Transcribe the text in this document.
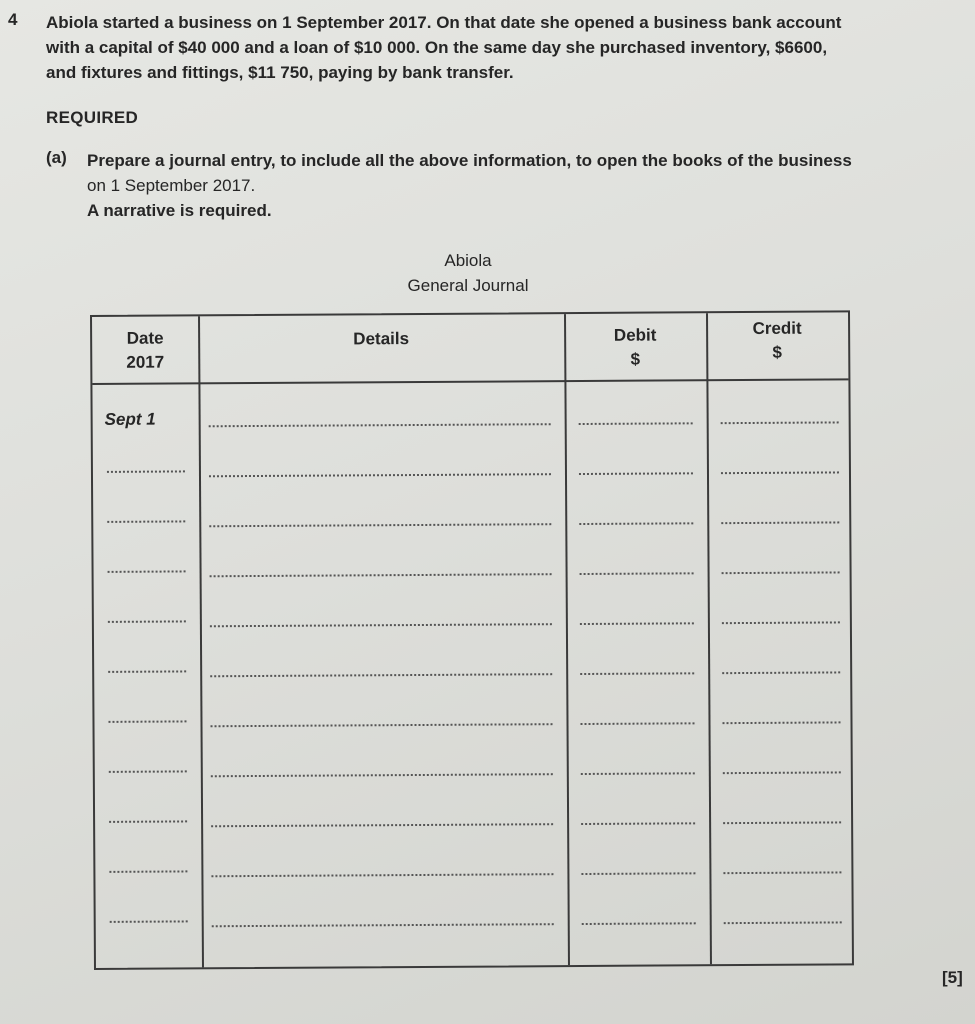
4 Abiola started a business on 1 September 2017. On that date she opened a business bank account
with a capital of $40 000 and a loan of $10 000. On the same day she purchased inventory, $6600,
and fixtures and fittings, $11 750, paying by bank transfer.
REQUIRED
(a) Prepare a journal entry, to include all the above information, to open the books of the business
on 1 September 2017.
A narrative is required.
Abiola
General Journal
Date
2017
Details	Debit
$
Credit
$
Sept 1
[5]
